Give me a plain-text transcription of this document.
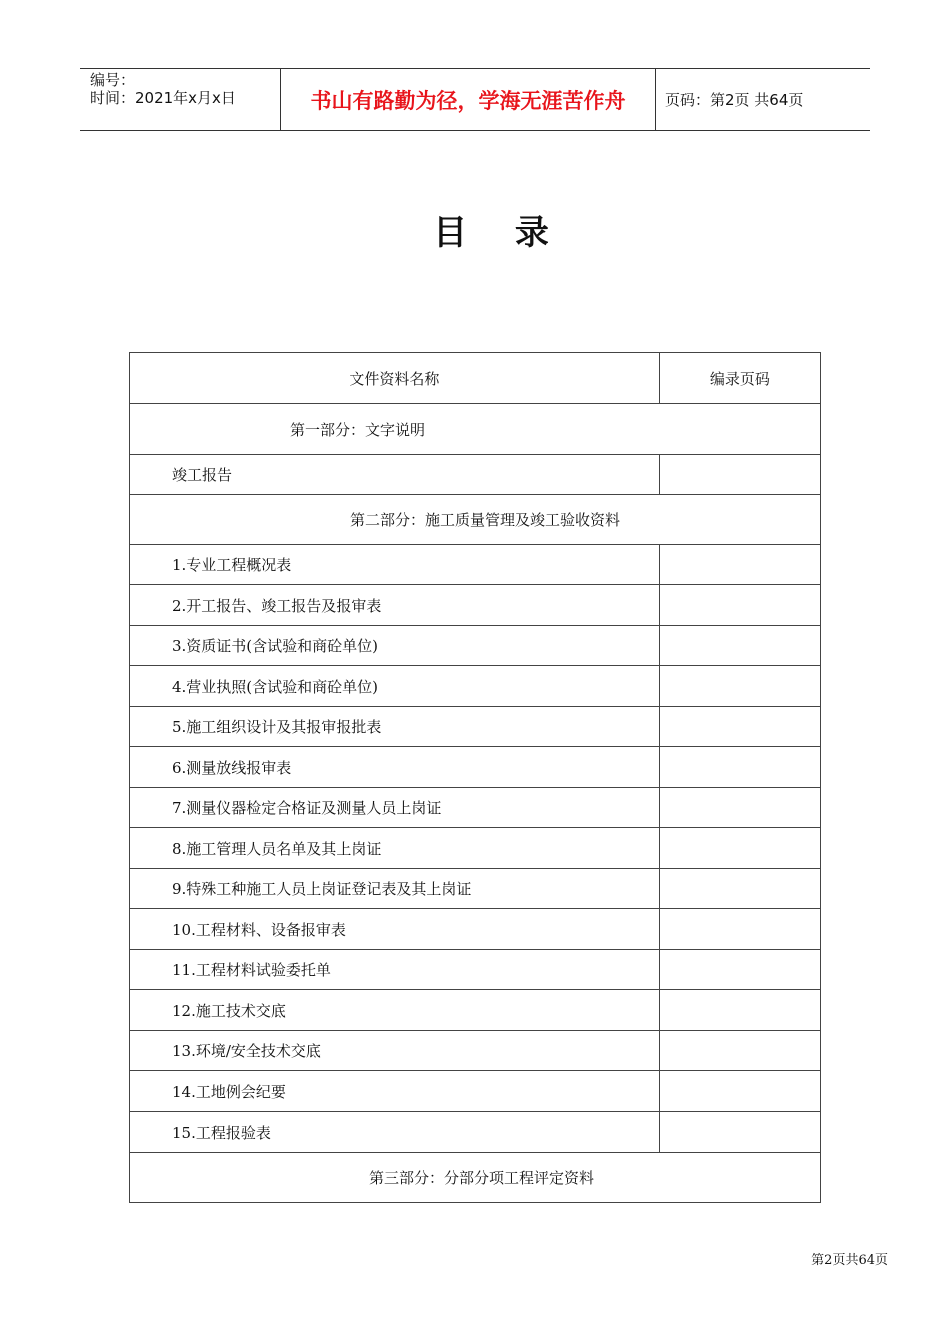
编号：
时间：2021年x月x日	书山有路勤为径，学海无涯苦作舟	页码：第2页 共64页
目 录
文件资料名称	编录页码
第一部分：文字说明	
竣工报告	
第二部分：施工质量管理及竣工验收资料	
1.专业工程概况表	
2.开工报告、竣工报告及报审表	
3.资质证书(含试验和商砼单位)	
4.营业执照(含试验和商砼单位)	
5.施工组织设计及其报审报批表	
6.测量放线报审表	
7.测量仪器检定合格证及测量人员上岗证	
8.施工管理人员名单及其上岗证	
9.特殊工种施工人员上岗证登记表及其上岗证	
10.工程材料、设备报审表	
11.工程材料试验委托单	
12.施工技术交底	
13.环境/安全技术交底	
14.工地例会纪要	
15.工程报验表	
第三部分：分部分项工程评定资料	
第2页共64页
